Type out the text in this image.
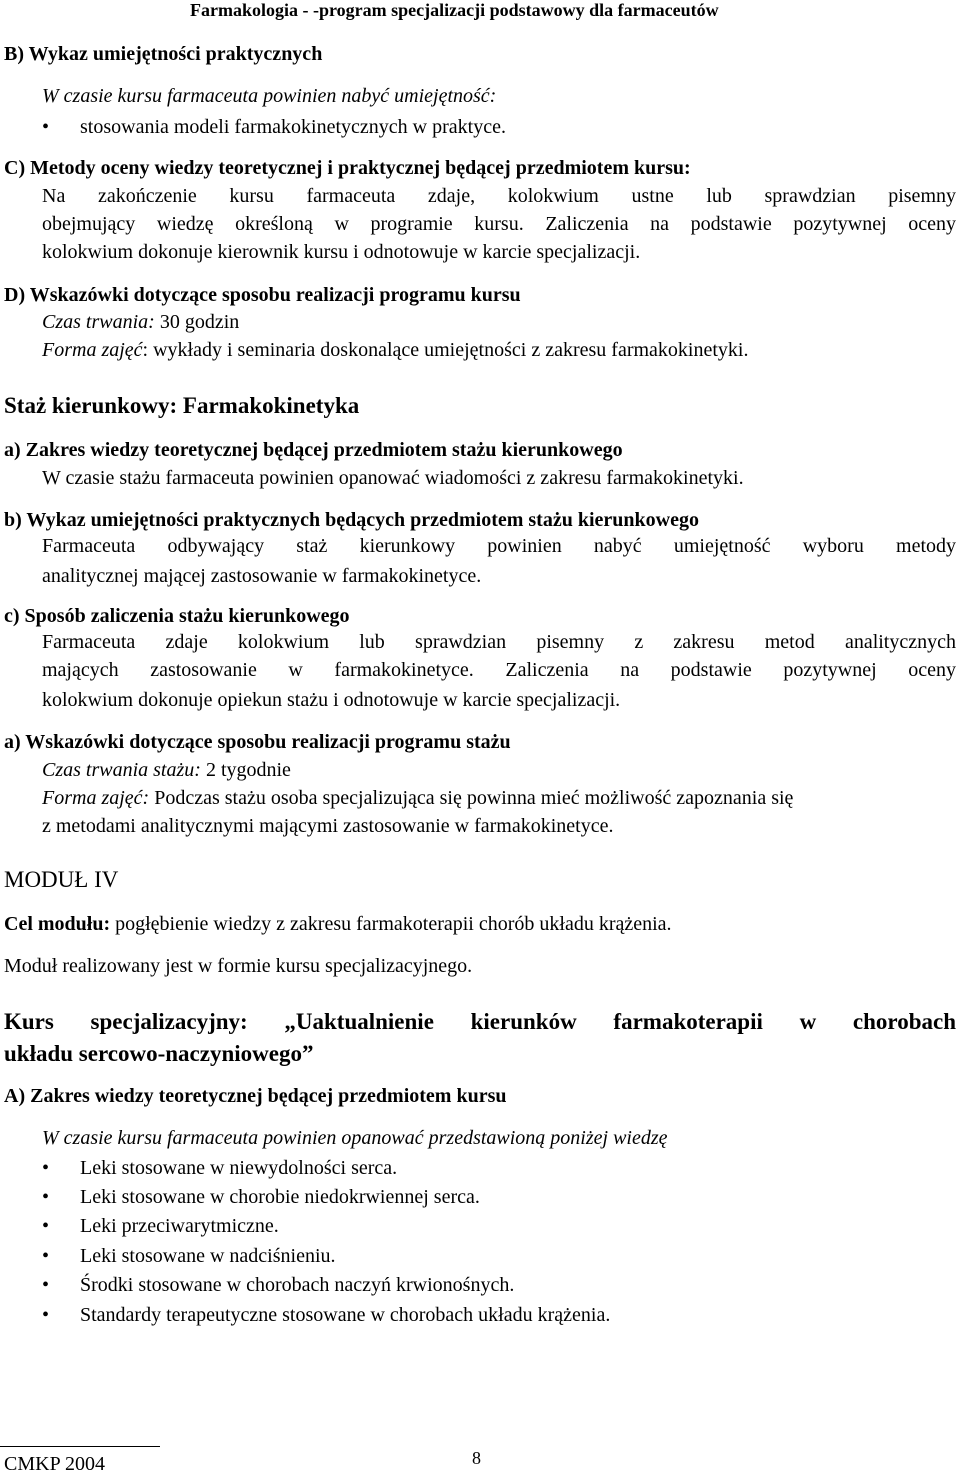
Farmakologia - -program specjalizacji podstawowy dla farmaceutów
B) Wykaz umiejętności praktycznych
W czasie kursu farmaceuta powinien nabyć umiejętność:
•
stosowania modeli farmakokinetycznych w praktyce.
C) Metody oceny wiedzy teoretycznej i praktycznej będącej przedmiotem kursu:
Na zakończenie kursu farmaceuta zdaje, kolokwium ustne lub sprawdzian pisemny
obejmujący wiedzę określoną w programie kursu. Zaliczenia na podstawie pozytywnej oceny
kolokwium dokonuje kierownik kursu i odnotowuje w karcie specjalizacji.
D) Wskazówki dotyczące sposobu realizacji programu kursu
Czas trwania: 30 godzin
Forma zajęć: wykłady i seminaria doskonalące umiejętności z zakresu farmakokinetyki.
Staż kierunkowy: Farmakokinetyka
a) Zakres wiedzy teoretycznej będącej przedmiotem stażu kierunkowego
W czasie stażu farmaceuta powinien opanować wiadomości z zakresu farmakokinetyki.
b) Wykaz umiejętności praktycznych będących przedmiotem stażu kierunkowego
Farmaceuta odbywający staż kierunkowy powinien nabyć umiejętność wyboru metody
analitycznej mającej zastosowanie w farmakokinetyce.
c) Sposób zaliczenia stażu kierunkowego
Farmaceuta zdaje kolokwium lub sprawdzian pisemny z zakresu metod analitycznych
mających zastosowanie w farmakokinetyce. Zaliczenia na podstawie pozytywnej oceny
kolokwium dokonuje opiekun stażu i odnotowuje w karcie specjalizacji.
a) Wskazówki dotyczące sposobu realizacji programu stażu
Czas trwania stażu: 2 tygodnie
Forma zajęć: Podczas stażu osoba specjalizująca się powinna mieć możliwość zapoznania się
z metodami analitycznymi mającymi zastosowanie w farmakokinetyce.
MODUŁ IV
Cel modułu: pogłębienie wiedzy z zakresu farmakoterapii chorób układu krążenia.
Moduł realizowany jest w formie kursu specjalizacyjnego.
Kurs specjalizacyjny: „Uaktualnienie kierunków farmakoterapii w chorobach
układu sercowo-naczyniowego”
A) Zakres wiedzy teoretycznej będącej przedmiotem kursu
W czasie kursu farmaceuta powinien opanować przedstawioną poniżej wiedzę
•
Leki stosowane w niewydolności serca.
•
Leki stosowane w chorobie niedokrwiennej serca.
•
Leki przeciwarytmiczne.
•
Leki stosowane w nadciśnieniu.
•
Środki stosowane w chorobach naczyń krwionośnych.
•
Standardy terapeutyczne stosowane w chorobach układu krążenia.
CMKP 2004	8
